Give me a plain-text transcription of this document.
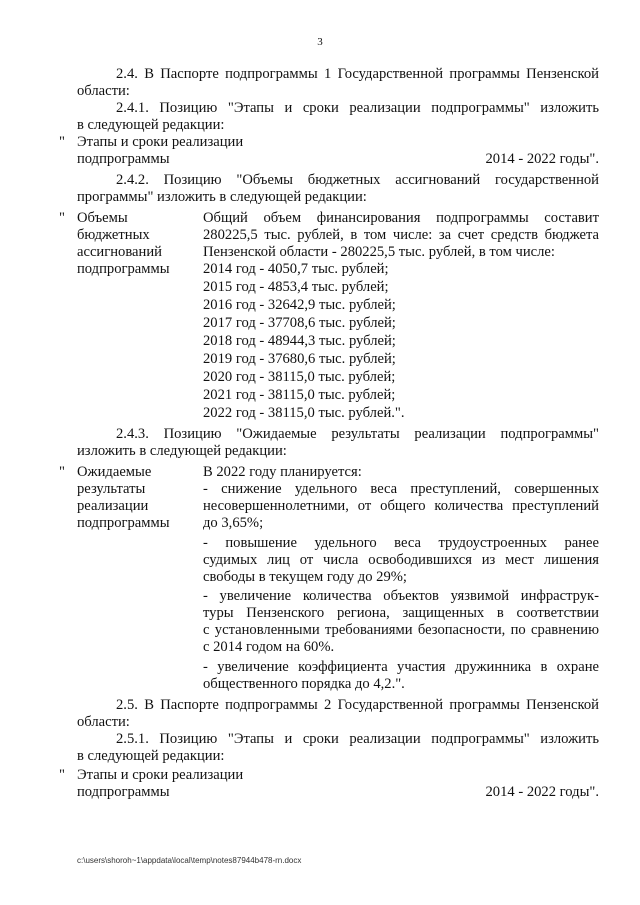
3
2.4. В Паспорте подпрограммы 1 Государственной программы Пензенской
области:
2.4.1. Позицию "Этапы и сроки реализации подпрограммы" изложить
в следующей редакции:
" Этапы и сроки реализации
подпрограммы	2014 - 2022 годы".
2.4.2. Позицию "Объемы бюджетных ассигнований государственной
программы" изложить в следующей редакции:
" Объемы
бюджетных
ассигнований
подпрограммы
Общий объем финансирования подпрограммы составит
280225,5 тыс. рублей, в том числе: за счет средств бюджета
Пензенской области - 280225,5 тыс. рублей, в том числе:
2014 год - 4050,7 тыс. рублей;
2015 год - 4853,4 тыс. рублей;
2016 год - 32642,9 тыс. рублей;
2017 год - 37708,6 тыс. рублей;
2018 год - 48944,3 тыс. рублей;
2019 год - 37680,6 тыс. рублей;
2020 год - 38115,0 тыс. рублей;
2021 год - 38115,0 тыс. рублей;
2022 год - 38115,0 тыс. рублей.".
2.4.3. Позицию "Ожидаемые результаты реализации подпрограммы"
изложить в следующей редакции:
" Ожидаемые
результаты
реализации
подпрограммы
В 2022 году планируется:
- снижение удельного веса преступлений, совершенных
несовершеннолетними, от общего количества преступлений
до 3,65%;
- повышение удельного веса трудоустроенных ранее
судимых лиц от числа освободившихся из мест лишения
свободы в текущем году до 29%;
- увеличение количества объектов уязвимой инфраструк-
туры Пензенского региона, защищенных в соответствии
с установленными требованиями безопасности, по сравнению
с 2014 годом на 60%.
- увеличение коэффициента участия дружинника в охране
общественного порядка до 4,2.".
2.5. В Паспорте подпрограммы 2 Государственной программы Пензенской
области:
2.5.1. Позицию "Этапы и сроки реализации подпрограммы" изложить
в следующей редакции:
" Этапы и сроки реализации
подпрограммы	2014 - 2022 годы".
c:\users\shoroh~1\appdata\local\temp\notes87944b478-rn.docx
